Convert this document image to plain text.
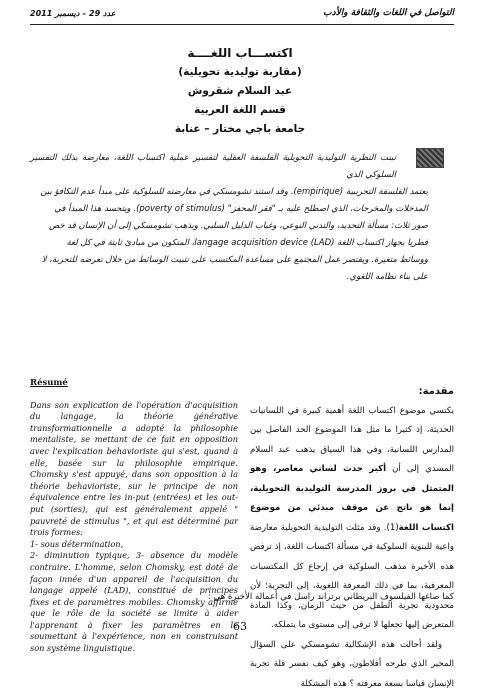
التواصل في اللغات والثقافة والأدب
عدد 29 – ديسمبر 2011
اكتســـاب اللغــــة
(مقاربة توليدية تحويلية)
عبد السلام شقروش
قسم اللغة العربية
جامعة باجي مختار – عنابة
تبنت النظرية التوليدية التحويلية الفلسفة العقلية لتفسير عملية اكتساب اللغة، معارضة بذلك التفسير السلوكي الذي
يعتمد الفلسفة التجريبية (empirique). وقد استند تشومسكي في معارضته للسلوكية على مبدأ عدم التكافؤ بين
المدخلات والمخرجات، الذي اصطلح عليه بـ "فقر المحفز" (poverty of stimulus). ويتجسد هذا المبدأ في
صور ثلاث: مسألة التحديد، والتدني النوعي، وغياب الدليل السلبي. ويذهب تشومسكي إلى أن الإنسان قد خص
فطريا بجهاز اكتساب اللغة (LAD) langage acquisition device، المتكون من مبادئ ثابتة في كل لغة
ووسائط متغيرة. ويقتصر عمل المجتمع على مساعدة المكتسب على تثبيت الوسائط من خلال تعرضه للتجربة، لا
على بناء نظامه اللغوي.
مقدمة:

يكتسي موضوع اكتساب اللغة أهمية كبيرة في اللسانيات الحديثة، إذ كثيرا ما مثل هذا الموضوع الحد الفاصل بين المدارس اللسانية، وفي هذا السياق يذهب عبد السلام المسدي إلى أن أكبر حدث لساني معاصر، وهو المتمثل في بروز المدرسة التوليدية التحويلية، إنما هو ناتج عن موقف مبدئي من موضوع اكتساب اللغة(1). وقد مثلت التوليدية التحويلية معارضة واعية للبنوية السلوكية في مسألة اكتساب اللغة، إذ ترفض هذه الأخيرة مذهب السلوكية في إرجاع كل المكتسبات المعرفية، بما في ذلك المعرفة اللغوية، إلى التجربة؛ لأن محدودية تجربة الطفل من حيث الزمان، وكذا المادة المتعرض إليها تجعلها لا ترقى إلى مستوى ما يتملكه.

ولقد أحالت هذه الإشكالية تشومسكي على السؤال المحير الذي طرحه أفلاطون، وهو كيف نفسر قلة تجربة الإنسان قياسا بسعة معرفته ؟ هذه المشكلة

Résumé

Dans son explication de l'opération d'acquisition du langage, la théorie générative transformationnelle a adopté la philosophie mentaliste, se mettant de ce fait en opposition avec l'explication behavioriste qui s'est, quand à elle, basée sur la philosophie empirique. Chomsky s'est appuyé, dans son opposition à la théorie behavioriste, sur le principe de non équivalence entre les in-put (entrées) et les out-put (sorties), qui est généralement appelé " pauvreté de stimulus ", et qui est déterminé par trois formes:

1- sous détermination,

2- diminution typique, 3- absence du modèle contraire. L'homme, selon Chomsky, est doté de façon innée d'un appareil de l'acquisition du langage appelé (LAD), constitué de principes fixes et de paramètres mobiles. Chomsky affirme que le rôle de la société se limite à aider l'apprenant à fixer les paramètres en le soumettant à l'expérience, non en construisant son système linguistique.
كما صاغها الفيلسوف البريطاني برتراند راسل في أعماله الأخيرة هي :
63
